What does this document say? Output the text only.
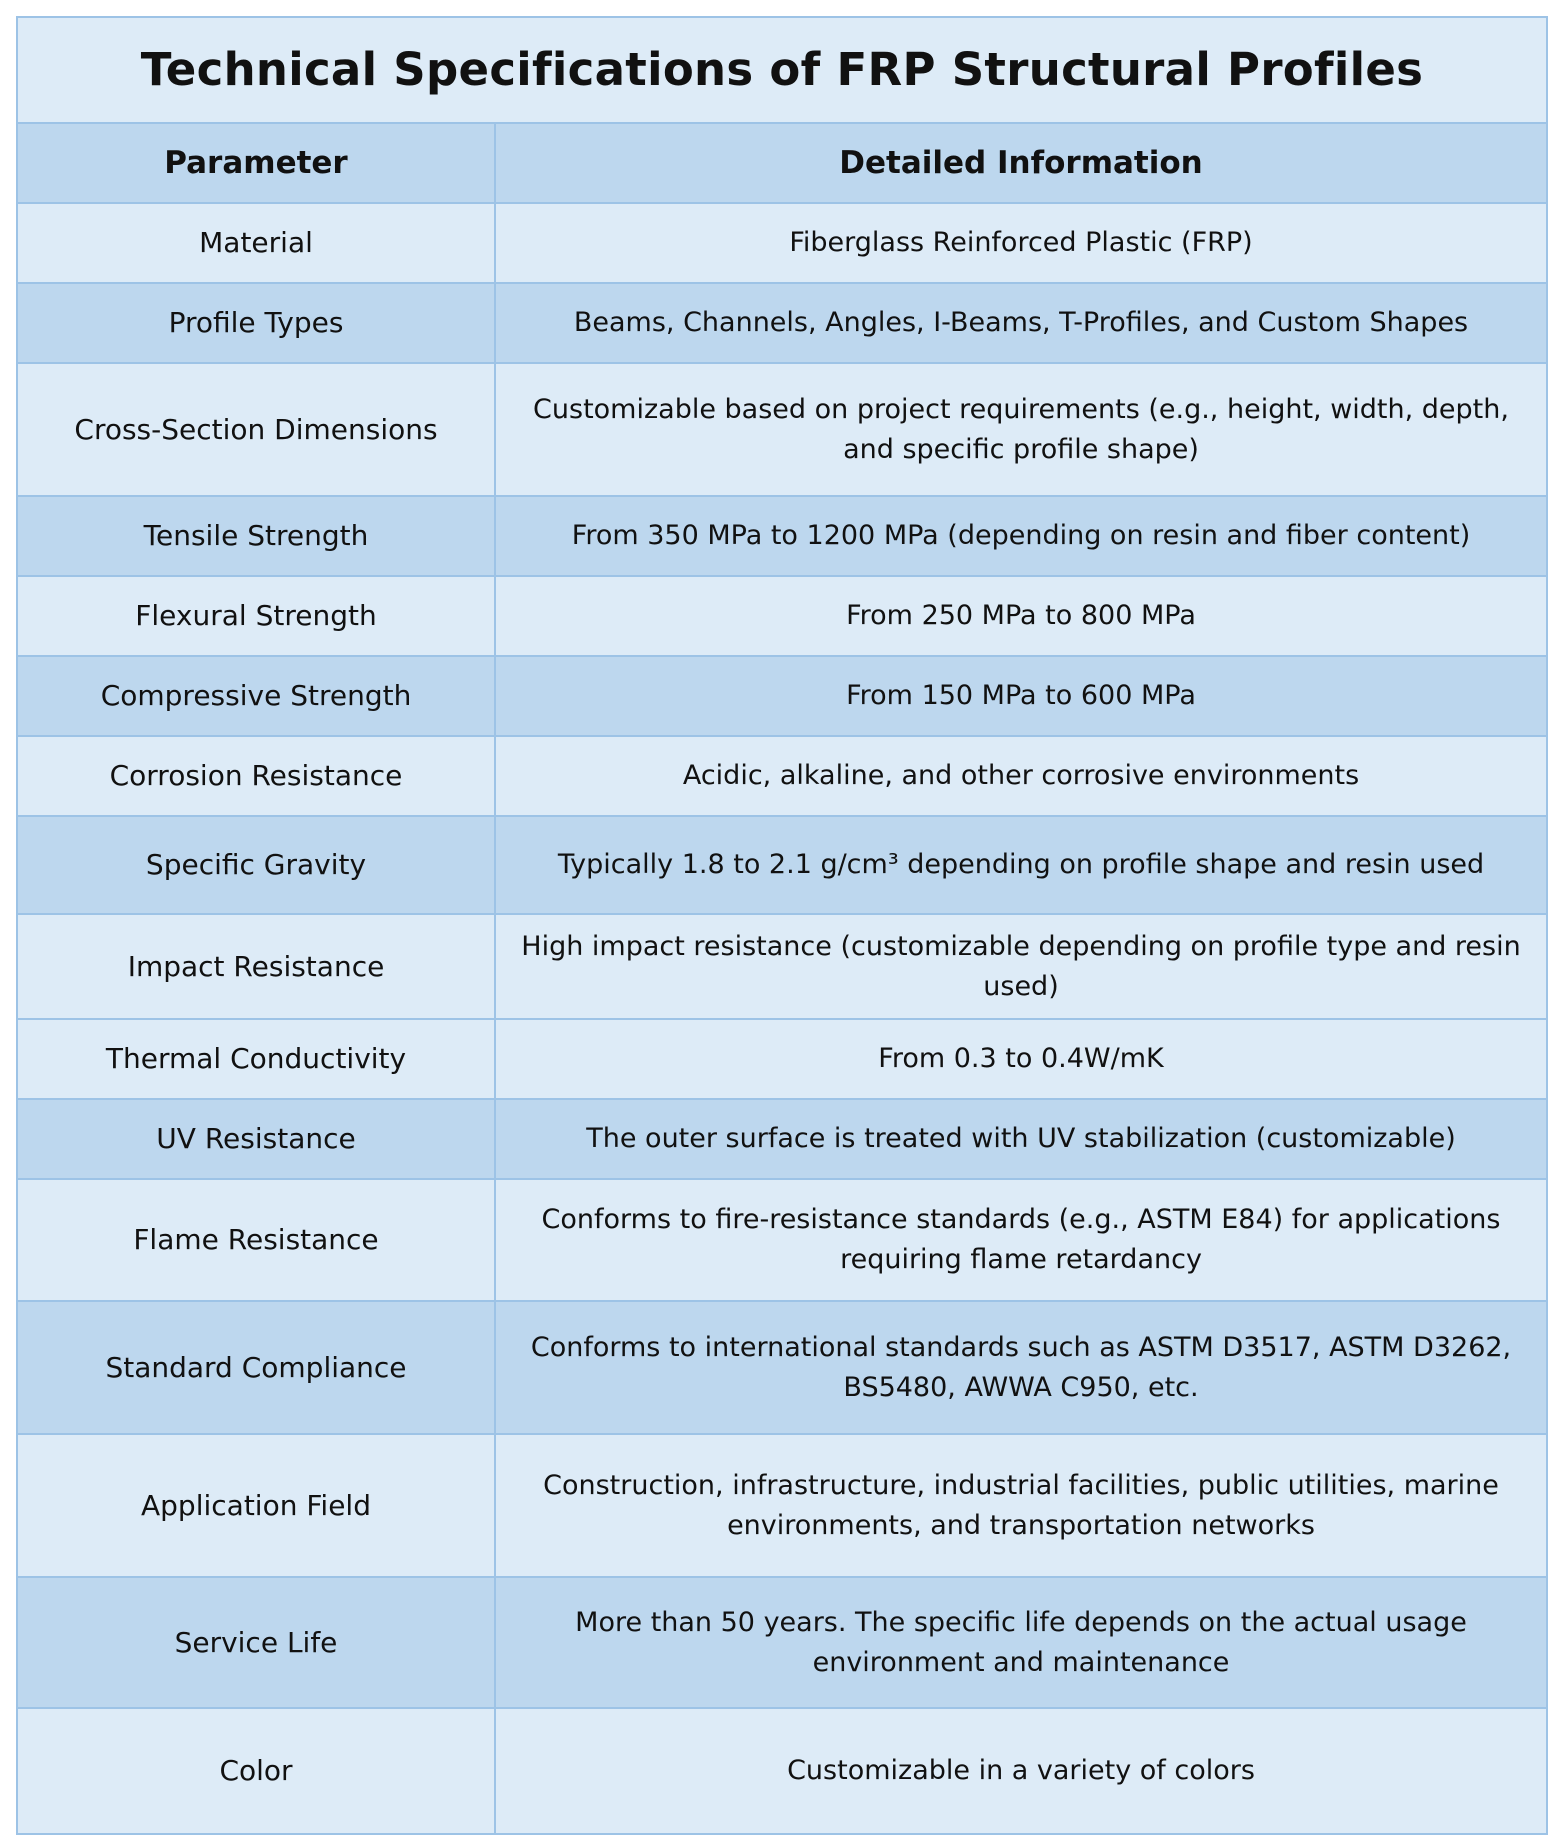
Technical Specifications of FRP Structural Profiles	
Parameter	Detailed Information
Material	Fiberglass Reinforced Plastic (FRP)
Profile Types	Beams, Channels, Angles, I-Beams, T-Profiles, and Custom Shapes
Cross-Section Dimensions	Customizable based on project requirements (e.g., height, width, depth, and specific profile shape)
Tensile Strength	From 350 MPa to 1200 MPa (depending on resin and fiber content)
Flexural Strength	From 250 MPa to 800 MPa
Compressive Strength	From 150 MPa to 600 MPa
Corrosion Resistance	Acidic, alkaline, and other corrosive environments
Specific Gravity	Typically 1.8 to 2.1 g/cm³ depending on profile shape and resin used
Impact Resistance	High impact resistance (customizable depending on profile type and resin used)
Thermal Conductivity	From 0.3 to 0.4W/mK
UV Resistance	The outer surface is treated with UV stabilization (customizable)
Flame Resistance	Conforms to fire-resistance standards (e.g., ASTM E84) for applications requiring flame retardancy
Standard Compliance	Conforms to international standards such as ASTM D3517, ASTM D3262, BS5480, AWWA C950, etc.
Application Field	Construction, infrastructure, industrial facilities, public utilities, marine environments, and transportation networks
Service Life	More than 50 years. The specific life depends on the actual usage environment and maintenance
Color	Customizable in a variety of colors
